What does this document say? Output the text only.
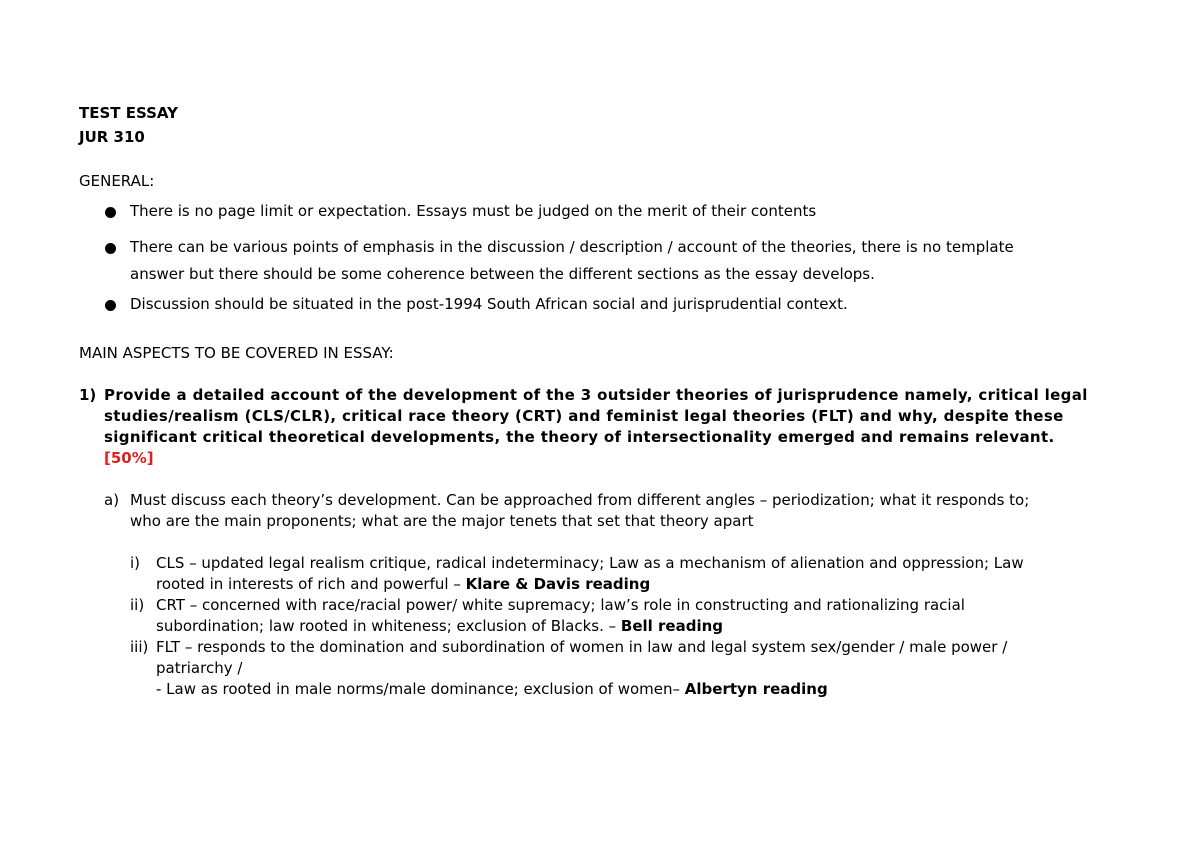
TEST ESSAY
JUR 310
GENERAL:
There is no page limit or expectation. Essays must be judged on the merit of their contents
There can be various points of emphasis in the discussion / description / account of the theories, there is no template
answer but there should be some coherence between the different sections as the essay develops.
Discussion should be situated in the post-1994 South African social and jurisprudential context.
MAIN ASPECTS TO BE COVERED IN ESSAY:
1) Provide a detailed account of the development of the 3 outsider theories of jurisprudence namely, critical legal
studies/realism (CLS/CLR), critical race theory (CRT) and feminist legal theories (FLT) and why, despite these
significant critical theoretical developments, the theory of intersectionality emerged and remains relevant.
[50%]
a) Must discuss each theory’s development. Can be approached from different angles – periodization; what it responds to;
who are the main proponents; what are the major tenets that set that theory apart
i) CLS – updated legal realism critique, radical indeterminacy; Law as a mechanism of alienation and oppression; Law
rooted in interests of rich and powerful – Klare & Davis reading
ii) CRT – concerned with race/racial power/ white supremacy; law’s role in constructing and rationalizing racial
subordination; law rooted in whiteness; exclusion of Blacks. – Bell reading
iii) FLT – responds to the domination and subordination of women in law and legal system sex/gender / male power /
patriarchy /
- Law as rooted in male norms/male dominance; exclusion of women– Albertyn reading
